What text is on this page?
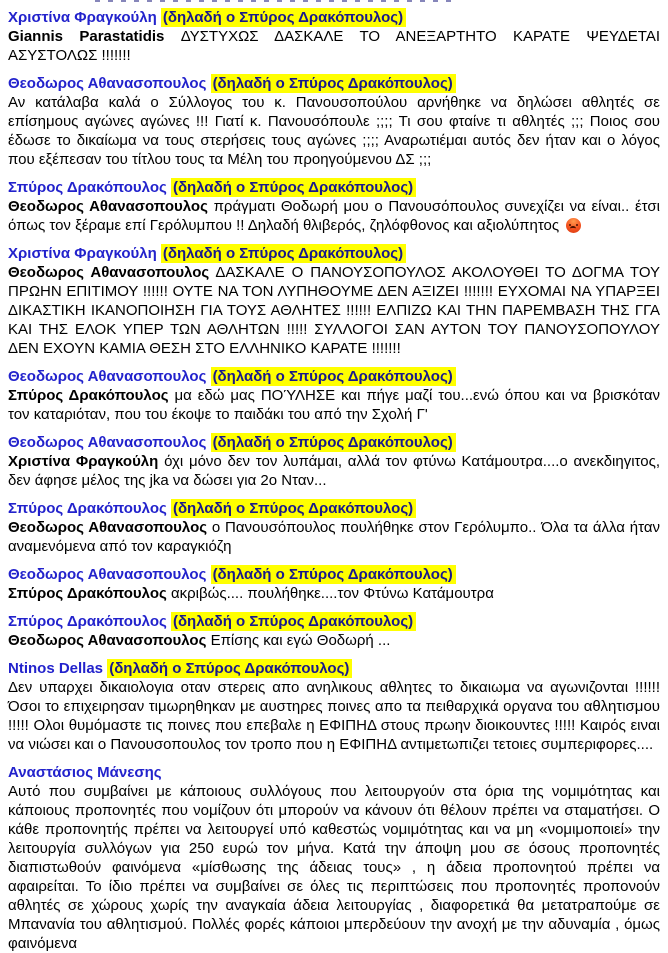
Χριστίνα Φραγκούλη (δηλαδή ο Σπύρος Δρακόπουλος)

Giannis Parastatidis ΔΥΣΤΥΧΩΣ ΔΑΣΚΑΛΕ ΤΟ ΑΝΕΞΑΡΤΗΤΟ ΚΑΡΑΤΕ ΨΕΥΔΕΤΑΙ ΑΣΥΣΤΟΛΩΣ !!!!!!!

Θεοδωρος Αθανασοπουλος (δηλαδή ο Σπύρος Δρακόπουλος)

Αν κατάλαβα καλά ο Σύλλογος του κ. Πανουσοπούλου αρνήθηκε να δηλώσει αθλητές σε επίσημους αγώνες αγώνες !!! Γιατί κ. Πανουσόπουλε ;;;; Τι σου φταίνε τι αθλητές ;;; Ποιος σου έδωσε το δικαίωμα να τους στερήσεις τους αγώνες ;;;; Αναρωτιέμαι αυτός δεν ήταν και ο λόγος που εξέπεσαν του τίτλου τους τα Μέλη του προηγούμενου ΔΣ ;;;

Σπύρος Δρακόπουλος (δηλαδή ο Σπύρος Δρακόπουλος)

Θεοδωρος Αθανασοπουλος πράγματι Θοδωρή μου ο Πανουσόπουλος συνεχίζει να είναι.. έτσι όπως τον ξέραμε επί Γερόλυμπου !! Δηλαδή θλιβερός, ζηλόφθονος και αξιολύπητος

Χριστίνα Φραγκούλη (δηλαδή ο Σπύρος Δρακόπουλος)

Θεοδωρος Αθανασοπουλος ΔΑΣΚΑΛΕ Ο ΠΑΝΟΥΣΟΠΟΥΛΟΣ ΑΚΟΛΟΥΘΕΙ ΤΟ ΔΟΓΜΑ ΤΟΥ ΠΡΩΗΝ ΕΠΙΤΙΜΟΥ !!!!!! ΟΥΤΕ ΝΑ ΤΟΝ ΛΥΠΗΘΟΥΜΕ ΔΕΝ ΑΞΙΖΕΙ !!!!!!! ΕΥΧΟΜΑΙ ΝΑ ΥΠΑΡΞΕΙ ΔΙΚΑΣΤΙΚΗ ΙΚΑΝΟΠΟΙΗΣΗ ΓΙΑ ΤΟΥΣ ΑΘΛΗΤΕΣ !!!!!! ΕΛΠΙΖΩ ΚΑΙ ΤΗΝ ΠΑΡΕΜΒΑΣΗ ΤΗΣ ΓΓΑ ΚΑΙ ΤΗΣ ΕΛΟΚ ΥΠΕΡ ΤΩΝ ΑΘΛΗΤΩΝ !!!!! ΣΥΛΛΟΓΟΙ ΣΑΝ ΑΥΤΟΝ ΤΟΥ ΠΑΝΟΥΣΟΠΟΥΛΟΥ ΔΕΝ ΕΧΟΥΝ ΚΑΜΙΑ ΘΕΣΗ ΣΤΟ ΕΛΛΗΝΙΚΟ ΚΑΡΑΤΕ !!!!!!!

Θεοδωρος Αθανασοπουλος (δηλαδή ο Σπύρος Δρακόπουλος)

Σπύρος Δρακόπουλος μα εδώ μας ΠΟΎΛΗΣΕ και πήγε μαζί του...ενώ όπου και να βρισκόταν τον καταριόταν, που του έκοψε το παιδάκι του από την Σχολή Γ'

Θεοδωρος Αθανασοπουλος (δηλαδή ο Σπύρος Δρακόπουλος)

Χριστίνα Φραγκούλη όχι μόνο δεν τον λυπάμαι, αλλά τον φτύνω Κατάμουτρα....ο ανεκδιηγιτος, δεν άφησε μέλος της jka να δώσει για 2ο Νταν...

Σπύρος Δρακόπουλος (δηλαδή ο Σπύρος Δρακόπουλος)

Θεοδωρος Αθανασοπουλος ο Πανουσόπουλος πουλήθηκε στον Γερόλυμπο.. Όλα τα άλλα ήταν αναμενόμενα από τον καραγκιόζη

Θεοδωρος Αθανασοπουλος (δηλαδή ο Σπύρος Δρακόπουλος)

Σπύρος Δρακόπουλος ακριβώς.... πουλήθηκε....τον Φτύνω Κατάμουτρα

Σπύρος Δρακόπουλος (δηλαδή ο Σπύρος Δρακόπουλος)

Θεοδωρος Αθανασοπουλος Επίσης και εγώ Θοδωρή ...

Ntinos Dellas (δηλαδή ο Σπύρος Δρακόπουλος)

Δεν υπαρχει δικαιολογια οταν στερεις απο ανηλικους αθλητες το δικαιωμα να αγωνιζονται !!!!!! Όσοι το επιχειρησαν τιμωρηθηκαν με αυστηρες ποινες απο τα πειθαρχικά οργανα του αθλητισμου !!!!! Ολοι θυμόμαστε τις ποινες που επεβαλε η ΕΦΙΠΗΔ στους πρωην διοικουντες !!!!! Καιρός ειναι να νιώσει και ο Πανουσοπουλος τον τροπο που η ΕΦΙΠΗΔ αντιμετωπιζει τετοιες συμπεριφορες....

Αναστάσιος Μάνεσης

Αυτό που συμβαίνει με κάποιους συλλόγους που λειτουργούν στα όρια της νομιμότητας και κάποιους προπονητές που νομίζουν ότι μπορούν να κάνουν ότι θέλουν πρέπει να σταματήσει. Ο κάθε προπονητής πρέπει να λειτουργεί υπό καθεστώς νομιμότητας και να μη «νομιμοποιεί» την λειτουργία συλλόγων για 250 ευρώ τον μήνα. Κατά την άποψη μου σε όσους προπονητές διαπιστωθούν φαινόμενα «μίσθωσης της άδειας τους» , η άδεια προπονητού πρέπει να αφαιρείται. Το ίδιο πρέπει να συμβαίνει σε όλες τις περιπτώσεις που προπονητές προπονούν αθλητές σε χώρους χωρίς την αναγκαία άδεια λειτουργίας , διαφορετικά θα μετατραπούμε σε Μπανανία του αθλητισμού. Πολλές φορές κάποιοι μπερδεύουν την ανοχή με την αδυναμία , όμως φαινόμενα
